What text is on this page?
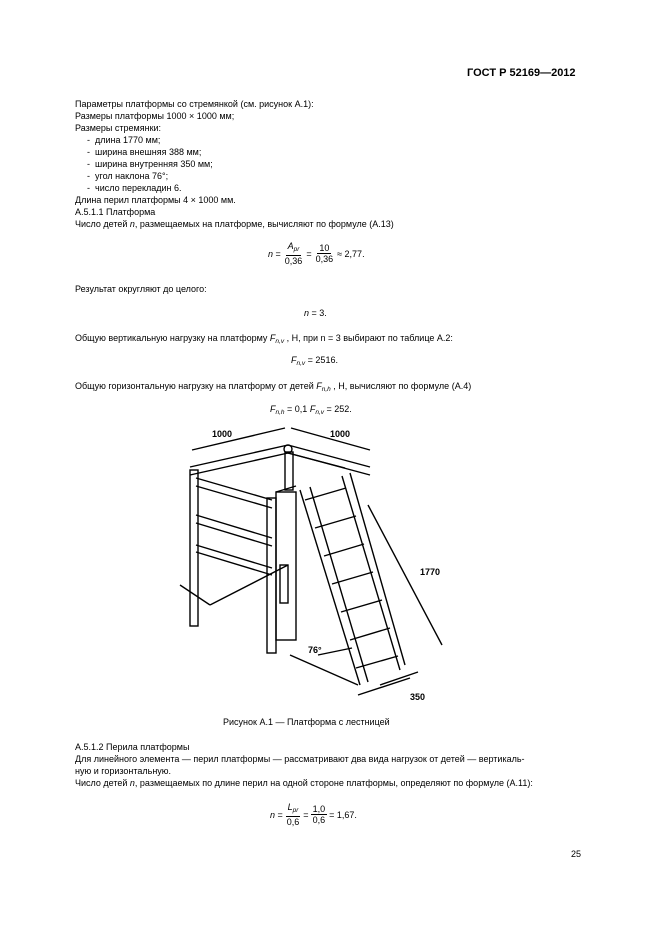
ГОСТ Р 52169—2012
Параметры платформы со стремянкой (см. рисунок А.1):
Размеры платформы 1000 × 1000 мм;
Размеры стремянки:
-  длина 1770 мм;
-  ширина внешняя 388 мм;
-  ширина внутренняя 350 мм;
-  угол наклона 76°;
-  число перекладин 6.
Длина перил платформы 4 × 1000 мм.
А.5.1.1 Платформа
Число детей n, размещаемых на платформе, вычисляют по формуле (А.13)
$n = \frac{A_{pr}}{0,36} = \frac{10}{0,36} \approx 2,77$.
Результат округляют до целого:
n = 3.
Общую вертикальную нагрузку на платформу $F_{n,v}$ , Н, при n = 3 выбирают по таблице А.2:
$F_{n,v} = 2516$.
Общую горизонтальную нагрузку на платформу от детей $F_{n,h}$ , Н, вычисляют по формуле (А.4)
$F_{n,h} = 0,1$ $F_{n,v} = 252$.
1000	1000
1770
76°
350
Рисунок А.1 — Платформа с лестницей
А.5.1.2 Перила платформы
Для линейного элемента — перил платформы — рассматривают два вида нагрузок от детей — вертикаль-
ную и горизонтальную.
Число детей n, размещаемых по длине перил на одной стороне платформы, определяют по формуле (А.11):
$n = \frac{L_{pr}}{0,6} = \frac{1,0}{0,6} = 1,67$.
25
